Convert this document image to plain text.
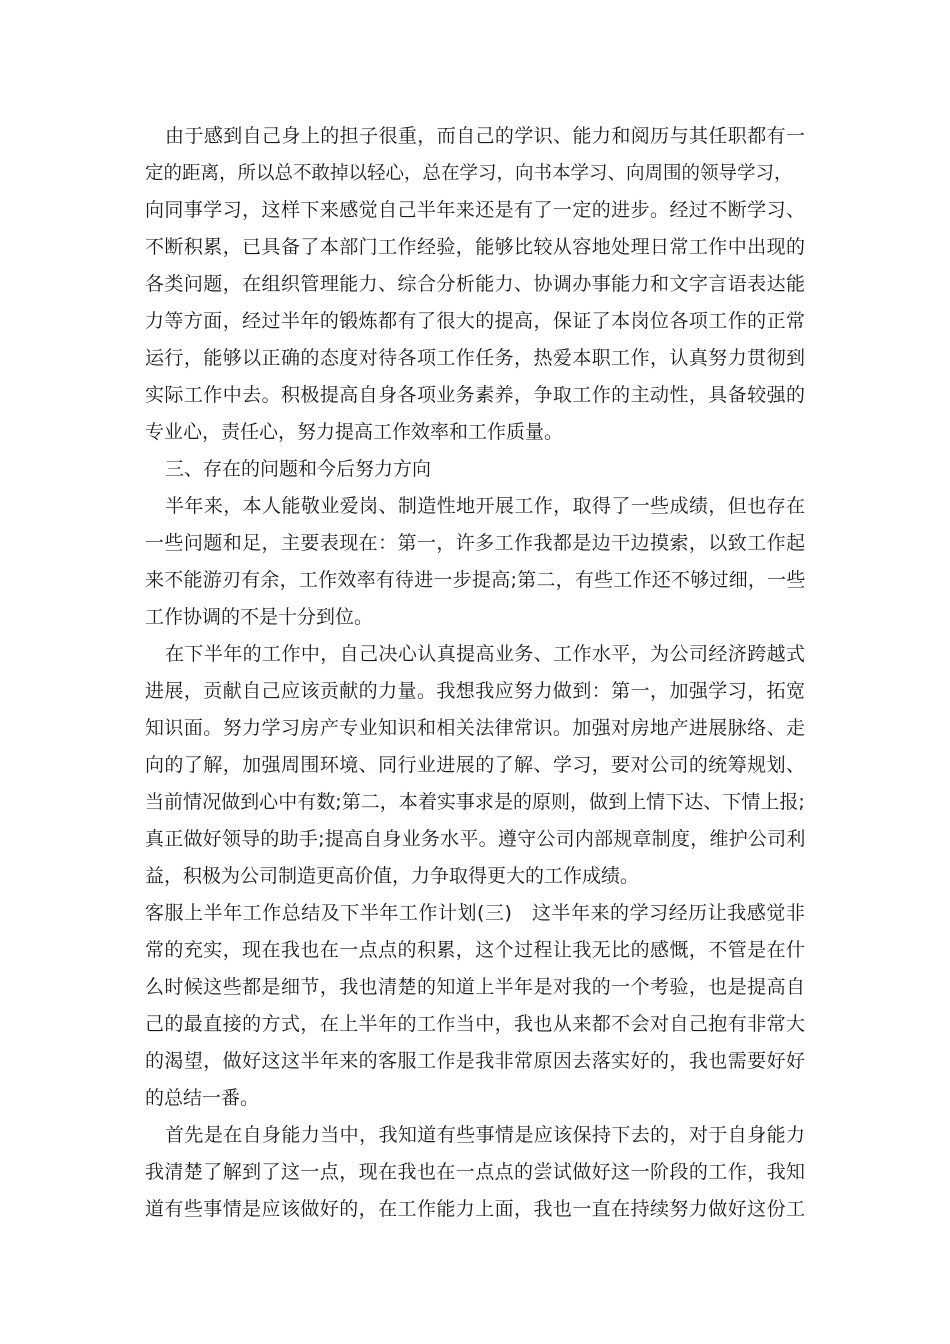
由于感到自己身上的担子很重，而自己的学识、能力和阅历与其任职都有一
定的距离，所以总不敢掉以轻心，总在学习，向书本学习、向周围的领导学习，
向同事学习，这样下来感觉自己半年来还是有了一定的进步。经过不断学习、
不断积累，已具备了本部门工作经验，能够比较从容地处理日常工作中出现的
各类问题，在组织管理能力、综合分析能力、协调办事能力和文字言语表达能
力等方面，经过半年的锻炼都有了很大的提高，保证了本岗位各项工作的正常
运行，能够以正确的态度对待各项工作任务，热爱本职工作，认真努力贯彻到
实际工作中去。积极提高自身各项业务素养，争取工作的主动性，具备较强的
专业心，责任心，努力提高工作效率和工作质量。
三、存在的问题和今后努力方向
半年来，本人能敬业爱岗、制造性地开展工作，取得了一些成绩，但也存在
一些问题和足，主要表现在：第一，许多工作我都是边干边摸索，以致工作起
来不能游刃有余，工作效率有待进一步提高;第二，有些工作还不够过细，一些
工作协调的不是十分到位。
在下半年的工作中，自己决心认真提高业务、工作水平，为公司经济跨越式
进展，贡献自己应该贡献的力量。我想我应努力做到：第一，加强学习，拓宽
知识面。努力学习房产专业知识和相关法律常识。加强对房地产进展脉络、走
向的了解，加强周围环境、同行业进展的了解、学习，要对公司的统筹规划、
当前情况做到心中有数;第二，本着实事求是的原则，做到上情下达、下情上报;
真正做好领导的助手;提高自身业务水平。遵守公司内部规章制度，维护公司利
益，积极为公司制造更高价值，力争取得更大的工作成绩。
客服上半年工作总结及下半年工作计划(三)　这半年来的学习经历让我感觉非
常的充实，现在我也在一点点的积累，这个过程让我无比的感慨，不管是在什
么时候这些都是细节，我也清楚的知道上半年是对我的一个考验，也是提高自
己的最直接的方式，在上半年的工作当中，我也从来都不会对自己抱有非常大
的渴望，做好这这半年来的客服工作是我非常原因去落实好的，我也需要好好
的总结一番。
首先是在自身能力当中，我知道有些事情是应该保持下去的，对于自身能力
我清楚了解到了这一点，现在我也在一点点的尝试做好这一阶段的工作，我知
道有些事情是应该做好的，在工作能力上面，我也一直在持续努力做好这份工
